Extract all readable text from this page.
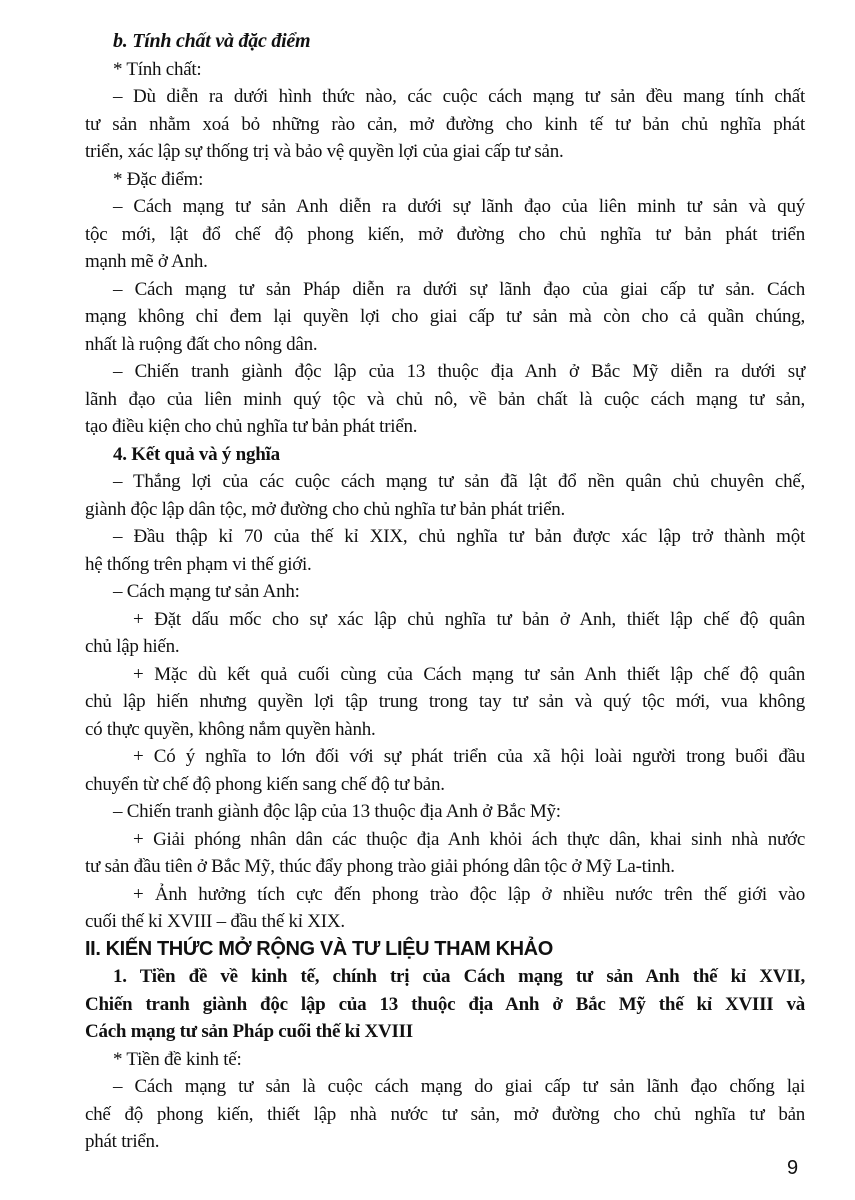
b. Tính chất và đặc điểm
* Tính chất:
– Dù diễn ra dưới hình thức nào, các cuộc cách mạng tư sản đều mang tính chất
tư sản nhằm xoá bỏ những rào cản, mở đường cho kinh tế tư bản chủ nghĩa phát
triển, xác lập sự thống trị và bảo vệ quyền lợi của giai cấp tư sản.
* Đặc điểm:
– Cách mạng tư sản Anh diễn ra dưới sự lãnh đạo của liên minh tư sản và quý
tộc mới, lật đổ chế độ phong kiến, mở đường cho chủ nghĩa tư bản phát triển
mạnh mẽ ở Anh.
– Cách mạng tư sản Pháp diễn ra dưới sự lãnh đạo của giai cấp tư sản. Cách
mạng không chỉ đem lại quyền lợi cho giai cấp tư sản mà còn cho cả quần chúng,
nhất là ruộng đất cho nông dân.
– Chiến tranh giành độc lập của 13 thuộc địa Anh ở Bắc Mỹ diễn ra dưới sự
lãnh đạo của liên minh quý tộc và chủ nô, về bản chất là cuộc cách mạng tư sản,
tạo điều kiện cho chủ nghĩa tư bản phát triển.
4. Kết quả và ý nghĩa
– Thắng lợi của các cuộc cách mạng tư sản đã lật đổ nền quân chủ chuyên chế,
giành độc lập dân tộc, mở đường cho chủ nghĩa tư bản phát triển.
– Đầu thập kỉ 70 của thế kỉ XIX, chủ nghĩa tư bản được xác lập trở thành một
hệ thống trên phạm vi thế giới.
– Cách mạng tư sản Anh:
+ Đặt dấu mốc cho sự xác lập chủ nghĩa tư bản ở Anh, thiết lập chế độ quân
chủ lập hiến.
+ Mặc dù kết quả cuối cùng của Cách mạng tư sản Anh thiết lập chế độ quân
chủ lập hiến nhưng quyền lợi tập trung trong tay tư sản và quý tộc mới, vua không
có thực quyền, không nắm quyền hành.
+ Có ý nghĩa to lớn đối với sự phát triển của xã hội loài người trong buổi đầu
chuyển từ chế độ phong kiến sang chế độ tư bản.
– Chiến tranh giành độc lập của 13 thuộc địa Anh ở Bắc Mỹ:
+ Giải phóng nhân dân các thuộc địa Anh khỏi ách thực dân, khai sinh nhà nước
tư sản đầu tiên ở Bắc Mỹ, thúc đẩy phong trào giải phóng dân tộc ở Mỹ La-tinh.
+ Ảnh hưởng tích cực đến phong trào độc lập ở nhiều nước trên thế giới vào
cuối thế kỉ XVIII – đầu thế kỉ XIX.
II. KIẾN THỨC MỞ RỘNG VÀ TƯ LIỆU THAM KHẢO
1. Tiền đề về kinh tế, chính trị của Cách mạng tư sản Anh thế kỉ XVII,
Chiến tranh giành độc lập của 13 thuộc địa Anh ở Bắc Mỹ thế kỉ XVIII và
Cách mạng tư sản Pháp cuối thế kỉ XVIII
* Tiền đề kinh tế:
– Cách mạng tư sản là cuộc cách mạng do giai cấp tư sản lãnh đạo chống lại
chế độ phong kiến, thiết lập nhà nước tư sản, mở đường cho chủ nghĩa tư bản
phát triển.
9
